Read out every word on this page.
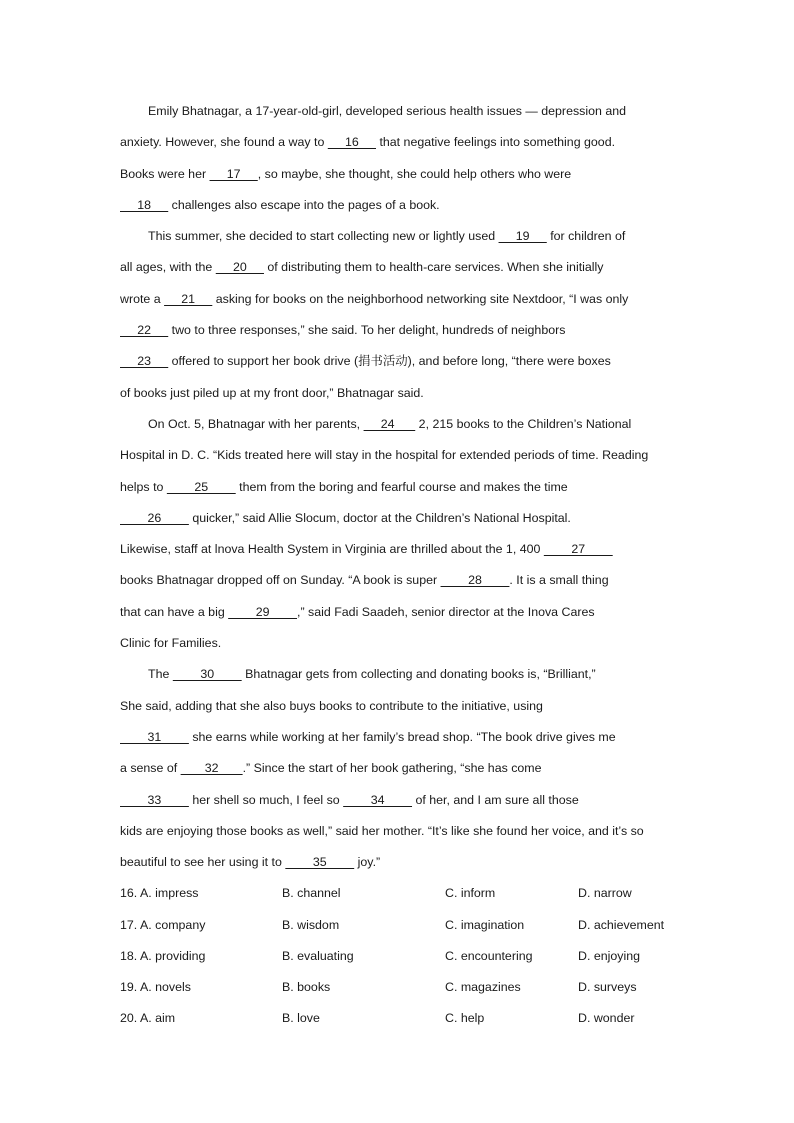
Emily Bhatnagar, a 17-year-old-girl, developed serious health issues — depression and
anxiety. However, she found a way to      16      that negative feelings into something good.
Books were her      17     , so maybe, she thought, she could help others who were
18      challenges also escape into the pages of a book.
This summer, she decided to start collecting new or lightly used      19      for children of
all ages, with the      20      of distributing them to health-care services. When she initially
wrote a      21      asking for books on the neighborhood networking site Nextdoor, “I was only
22      two to three responses,” she said. To her delight, hundreds of neighbors
23      offered to support her book drive (捐书活动), and before long, “there were boxes
of books just piled up at my front door,” Bhatnagar said.
On Oct. 5, Bhatnagar with her parents,      24       2, 215 books to the Children’s National
Hospital in D. C. “Kids treated here will stay in the hospital for extended periods of time. Reading
helps to         25         them from the boring and fearful course and makes the time
26         quicker,” said Allie Slocum, doctor at the Children’s National Hospital.
Likewise, staff at lnova Health System in Virginia are thrilled about the 1, 400         27
books Bhatnagar dropped off on Sunday. “A book is super         28        . It is a small thing
that can have a big         29        ,” said Fadi Saadeh, senior director at the Inova Cares
Clinic for Families.
The         30         Bhatnagar gets from collecting and donating books is, “Brilliant,”
She said, adding that she also buys books to contribute to the initiative, using
31         she earns while working at her family’s bread shop. “The book drive gives me
a sense of        32       .” Since the start of her book gathering, “she has come
33         her shell so much, I feel so         34         of her, and I am sure all those
kids are enjoying those books as well,” said her mother. “It’s like she found her voice, and it’s so
beautiful to see her using it to         35         joy.”
16. A. impress	B. channel	C. inform	D. narrow
17. A. company	B. wisdom	C. imagination	D. achievement
18. A. providing	B. evaluating	C. encountering	D. enjoying
19. A. novels	B. books	C. magazines	D. surveys
20. A. aim	B. love	C. help	D. wonder
